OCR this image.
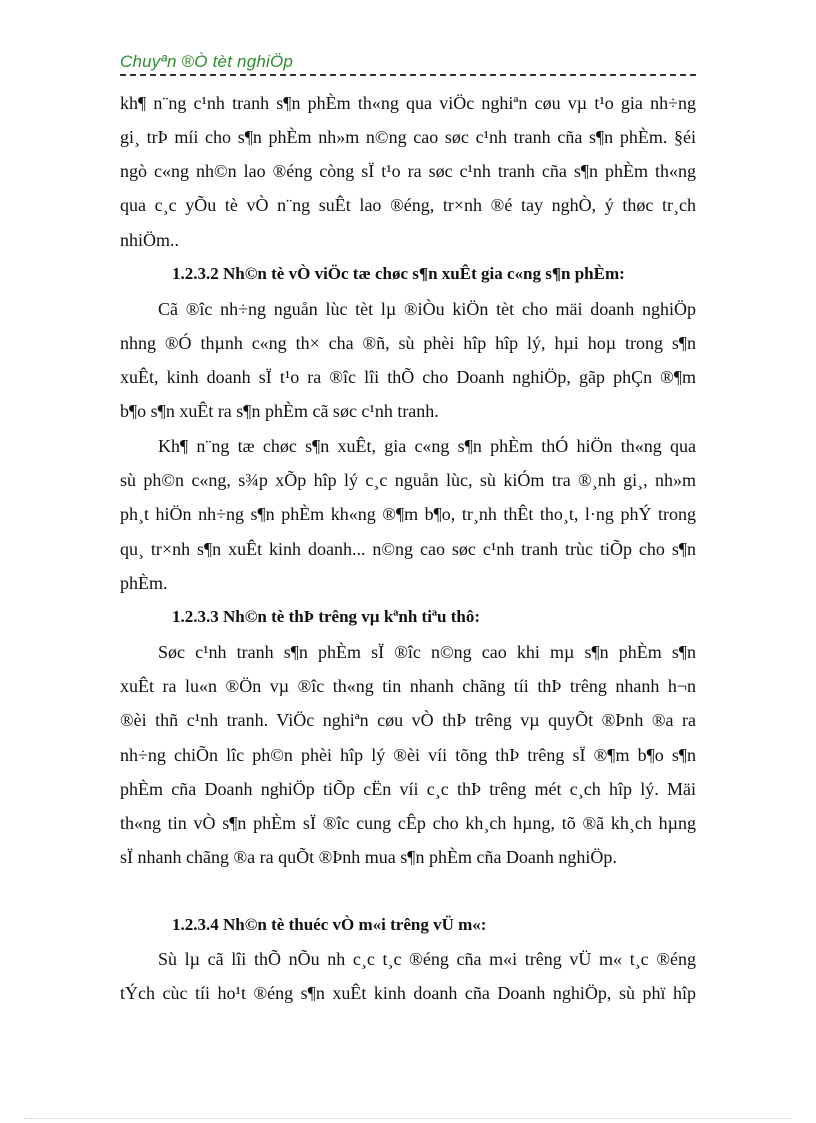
Chuyªn ®Ò tèt nghiÖp
kh¶ n¨ng c¹nh tranh s¶n phÈm th«ng qua viÖc nghiªn cøu vµ t¹o gia nh÷ng
gi¸ trÞ míi cho s¶n phÈm nh»m n©ng cao søc c¹nh tranh cña s¶n phÈm. §éi
ngò c«ng nh©n lao ®éng còng sÏ t¹o ra søc c¹nh tranh cña s¶n phÈm th«ng
qua c¸c yÕu tè vÒ n¨ng suÊt lao ®éng, tr×nh ®é tay nghÒ, ý thøc tr¸ch
nhiÖm..
1.2.3.2 Nh©n tè vÒ viÖc tæ chøc s¶n xuÊt gia c«ng s¶n phÈm:
Cã ®îc nh÷ng nguån lùc tèt lµ ®iÒu kiÖn tèt cho mäi doanh nghiÖp
nhng ®Ó thµnh c«ng th× cha ®ñ, sù phèi hîp hîp lý, hµi hoµ trong s¶n
xuÊt, kinh doanh sÏ t¹o ra ®îc lîi thÕ cho Doanh nghiÖp, gãp phÇn ®¶m
b¶o s¶n xuÊt ra s¶n phÈm cã søc c¹nh tranh.
Kh¶ n¨ng tæ chøc s¶n xuÊt, gia c«ng s¶n phÈm thÓ hiÖn th«ng qua
sù ph©n c«ng, s¾p xÕp hîp lý c¸c nguån lùc, sù kiÓm tra ®¸nh gi¸, nh»m
ph¸t hiÖn nh÷ng s¶n phÈm kh«ng ®¶m b¶o, tr¸nh thÊt tho¸t, l·ng phÝ trong
qu¸ tr×nh s¶n xuÊt kinh doanh... n©ng cao søc c¹nh tranh trùc tiÕp cho s¶n
phÈm.
1.2.3.3 Nh©n tè thÞ trêng vµ kªnh tiªu thô:
Søc c¹nh tranh s¶n phÈm sÏ ®îc n©ng cao khi mµ s¶n phÈm s¶n
xuÊt ra lu«n ®Ön vµ ®îc th«ng tin nhanh chãng tíi thÞ trêng nhanh h¬n
®èi thñ c¹nh tranh. ViÖc nghiªn cøu vÒ thÞ trêng vµ quyÕt ®Þnh ®a ra
nh÷ng chiÕn lîc ph©n phèi hîp lý ®èi víi tõng thÞ trêng sÏ ®¶m b¶o s¶n
phÈm cña Doanh nghiÖp tiÕp cËn víi c¸c thÞ trêng mét c¸ch hîp lý. Mäi
th«ng tin vÒ s¶n phÈm sÏ ®îc cung cÊp cho kh¸ch hµng, tõ ®ã kh¸ch hµng
sÏ nhanh chãng ®a ra quÕt ®Þnh mua s¶n phÈm cña Doanh nghiÖp.
1.2.3.4 Nh©n tè thuéc vÒ m«i trêng vÜ m«:
Sù lµ cã lîi thÕ nÕu nh c¸c t¸c ®éng cña m«i trêng vÜ m« t¸c ®éng
tÝch cùc tíi ho¹t ®éng s¶n xuÊt kinh doanh cña Doanh nghiÖp, sù phï hîp
